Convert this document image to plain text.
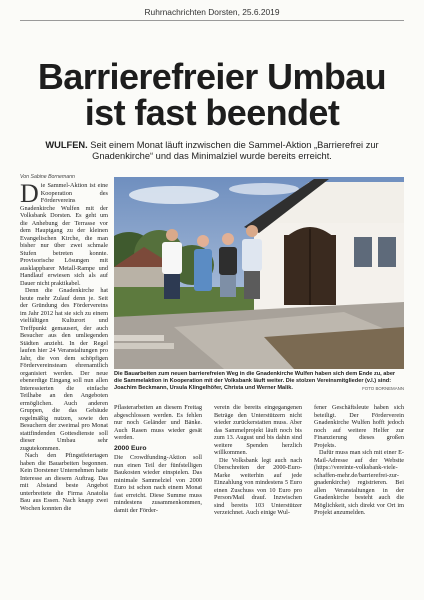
Ruhrnachrichten Dorsten, 25.6.2019
Barrierefreier Umbau
ist fast beendet
WULFEN. Seit einem Monat läuft inzwischen die Sammel-Aktion „Barrierefrei zur Gnadenkirche“ und das Minimalziel wurde bereits erreicht.
Von Sabine Bornemann

Die Sammel-Aktion ist eine Kooperation des Fördervereins Gnadenkirche Wulfen mit der Volksbank Dorsten. Es geht um die Anhebung der Terrasse vor dem Hauptgang zu der kleinen Evangelischen Kirche, die man bisher nur über zwei schmale Stufen betreten konnte. Provisorische Lösungen mit ausklappbarer Metall-Rampe und Handlauf erwiesen sich als auf Dauer nicht praktikabel.

Denn die Gnadenkirche hat heute mehr Zulauf denn je. Seit der Gründung des Fördervereins im Jahr 2012 hat sie sich zu einem vielfältigen Kulturort und Treffpunkt gemausert, der auch Besucher aus den umliegenden Städten anzieht. In der Regel laufen hier 24 Veranstaltungen pro Jahr, die von dem schöpfigen Fördervereinsteam ehrenamtlich organisiert werden. Der neue ebenerdige Eingang soll nun allen Interessierten die einfache Teilhabe an den Angeboten ermöglichen. Auch anderen Gruppen, die das Gebäude regelmäßig nutzen, sowie den Besuchern der zweimal pro Monat stattfindenden Gottesdienste soll dieser Umbau sehr zugutekommen.

Nach den Pfingstfeiertagen haben die Bauarbeiten begonnen. Kein Dorstener Unternehmen hatte Interesse an diesem Auftrag. Das mit Abstand beste Angebot unterbreitete die Firma Anatolia Bau aus Essen. Nach knapp zwei Wochen konnten die

Die Bauarbeiten zum neuen barrierefreien Weg in die Gnadenkirche Wulfen haben sich dem Ende zu, aber die Sammelaktion in Kooperation mit der Volksbank läuft weiter. Die stolzen Vereinsmitglieder (v.l.) sind: Joachim Beckmann, Ursula Klingelhöfer, Christa und Werner Malik.	FOTO BORNEMANN

Pflasterarbeiten an diesem Freitag abgeschlossen werden. Es fehlen nur noch Geländer und Bänke. Auch Rasen muss wieder gesät werden.

2000 Euro

Die Crowdfunding-Aktion soll nun einen Teil der fünfstelligen Baukosten wieder einspielen. Das minimale Sammelziel von 2000 Euro ist schon nach einem Monat fast erreicht. Diese Summe muss mindestens zusammenkommen, damit der Förder-

verein die bereits eingegangenen Beträge den Unterstützern nicht wieder zurückerstatten muss. Aber das Sammelprojekt läuft noch bis zum 13. August und bis dahin sind weitere Spenden herzlich willkommen.

Die Volksbank legt auch nach Überschreiten der 2000-Euro-Marke weiterhin auf jede Einzahlung von mindestens 5 Euro einen Zuschuss von 10 Euro pro Person/Mail drauf. Inzwischen sind bereits 103 Unterstützer verzeichnet. Auch einige Wul-

fener Geschäftsleute haben sich beteiligt. Der Förderverein Gnadenkirche Wulfen hofft jedoch noch auf weitere Helfer zur Finanzierung dieses großen Projekts.

Dafür muss man sich mit einer E-Mail-Adresse auf der Website (https://vereinte-volksbank-viele-schaffen-mehr.de/barrierefrei-zur-gnadenkirche) registrieren. Bei allen Veranstaltungen in der Gnadenkirche besteht auch die Möglichkeit, sich direkt vor Ort im Projekt anzumelden.
